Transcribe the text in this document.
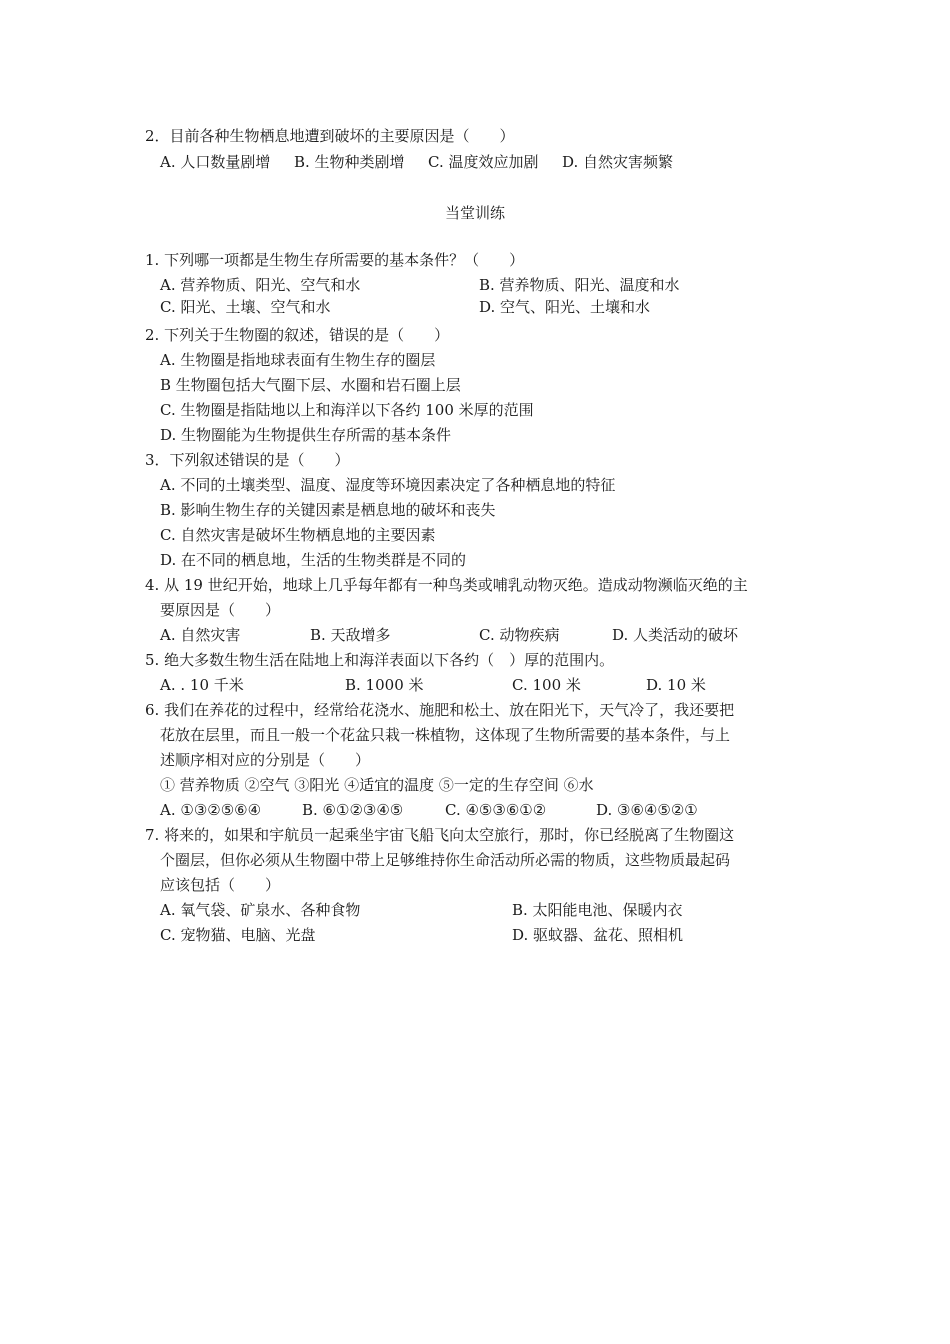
2．目前各种生物栖息地遭到破坏的主要原因是（　　）
A. 人口数量剧增 B. 生物种类剧增 C. 温度效应加剧 D. 自然灾害频繁
当堂训练
1. 下列哪一项都是生物生存所需要的基本条件？（　　）
A. 营养物质、阳光、空气和水	B. 营养物质、阳光、温度和水
C. 阳光、土壤、空气和水	D. 空气、阳光、土壤和水
2. 下列关于生物圈的叙述，错误的是（　　）
A. 生物圈是指地球表面有生物生存的圈层
B 生物圈包括大气圈下层、水圈和岩石圈上层
C. 生物圈是指陆地以上和海洋以下各约 100 米厚的范围
D. 生物圈能为生物提供生存所需的基本条件
3．下列叙述错误的是（　　）
A. 不同的土壤类型、温度、湿度等环境因素决定了各种栖息地的特征
B. 影响生物生存的关键因素是栖息地的破坏和丧失
C. 自然灾害是破坏生物栖息地的主要因素
D. 在不同的栖息地，生活的生物类群是不同的
4. 从 19 世纪开始，地球上几乎每年都有一种鸟类或哺乳动物灭绝。造成动物濒临灭绝的主
要原因是（　　）
A. 自然灾害	B. 天敌增多	C. 动物疾病	D. 人类活动的破坏
5. 绝大多数生物生活在陆地上和海洋表面以下各约（　）厚的范围内。
A. . 10 千米	B. 1000 米	C. 100 米	D. 10 米
6. 我们在养花的过程中，经常给花浇水、施肥和松土、放在阳光下，天气冷了，我还要把
花放在层里，而且一般一个花盆只栽一株植物，这体现了生物所需要的基本条件，与上
述顺序相对应的分别是（　　）
① 营养物质 ②空气 ③阳光 ④适宜的温度 ⑤一定的生存空间 ⑥水
A. ①③②⑤⑥④	B. ⑥①②③④⑤	C. ④⑤③⑥①②	D. ③⑥④⑤②①
7. 将来的，如果和宇航员一起乘坐宇宙飞船飞向太空旅行，那时，你已经脱离了生物圈这
个圈层，但你必须从生物圈中带上足够维持你生命活动所必需的物质，这些物质最起码
应该包括（　　）
A. 氧气袋、矿泉水、各种食物	B. 太阳能电池、保暖内衣
C. 宠物猫、电脑、光盘	D. 驱蚊器、盆花、照相机
